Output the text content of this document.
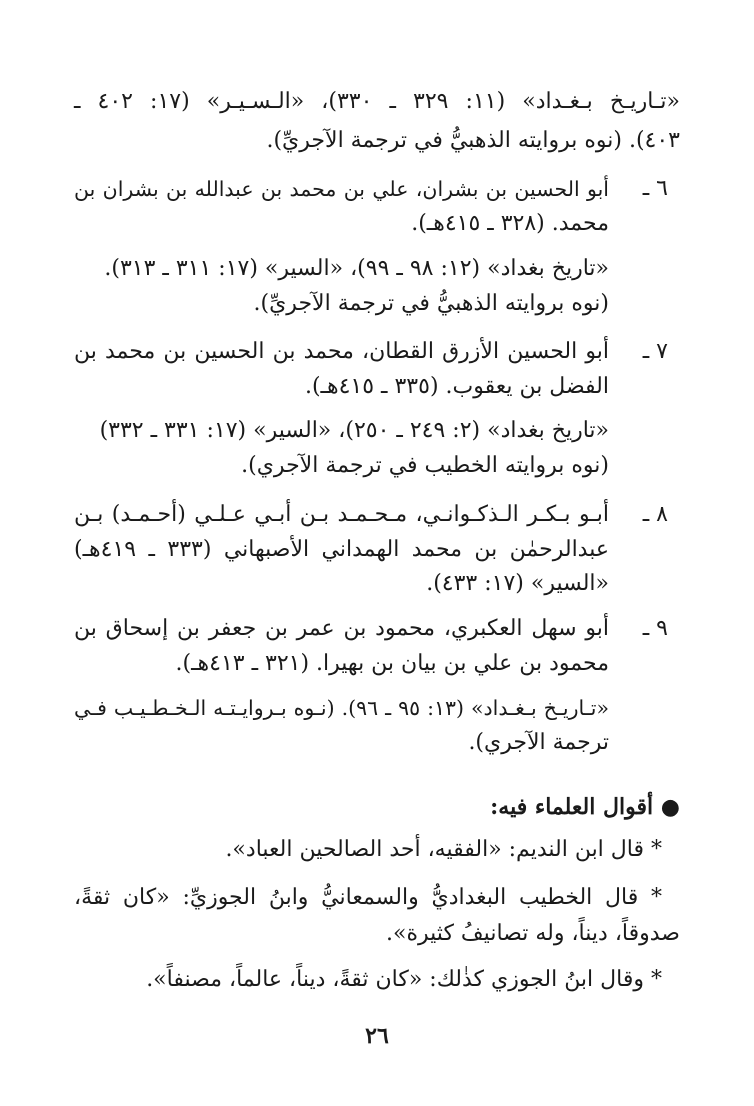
«تـاريـخ بـغـداد» (١١: ٣٢٩ ـ ٣٣٠)، «الـسـيـر» (١٧: ٤٠٢ ـ
٤٠٣). (نوه بروايته الذهبيُّ في ترجمة الآجريِّ).
٦ ـ
أبو الحسين بن بشران، علي بن محمد بن عبدالله بن بشران بن
محمد. (٣٢٨ ـ ٤١٥هـ).
«تاريخ بغداد» (١٢: ٩٨ ـ ٩٩)، «السير» (١٧: ٣١١ ـ ٣١٣).
(نوه بروايته الذهبيُّ في ترجمة الآجريِّ).
٧ ـ
أبو الحسين الأزرق القطان، محمد بن الحسين بن محمد بن
الفضل بن يعقوب. (٣٣٥ ـ ٤١٥هـ).
«تاريخ بغداد» (٢: ٢٤٩ ـ ٢٥٠)، «السير» (١٧: ٣٣١ ـ ٣٣٢)
(نوه بروايته الخطيب في ترجمة الآجري).
٨ ـ
أبـو بـكـر الـذكـوانـي، مـحـمـد بـن أبـي عـلـي (أحـمـد) بـن
عبدالرحمٰن بن محمد الهمداني الأصبهاني (٣٣٣ ـ ٤١٩هـ)
«السير» (١٧: ٤٣٣).
٩ ـ
أبو سهل العكبري، محمود بن عمر بن جعفر بن إسحاق بن
محمود بن علي بن بيان بن بهيرا. (٣٢١ ـ ٤١٣هـ).
«تـاريـخ بـغـداد» (١٣: ٩٥ ـ ٩٦). (نـوه بـروايـتـه الـخـطـيـب فـي
ترجمة الآجري).
● أقوال العلماء فيه:
* قال ابن النديم: «الفقيه، أحد الصالحين العباد».
* قال الخطيب البغداديُّ والسمعانيُّ وابنُ الجوزيِّ: «كان ثقةً،
صدوقاً، ديناً، وله تصانيفُ كثيرة».
* وقال ابنُ الجوزي كذٰلك: «كان ثقةً، ديناً، عالماً، مصنفاً».
٢٦
